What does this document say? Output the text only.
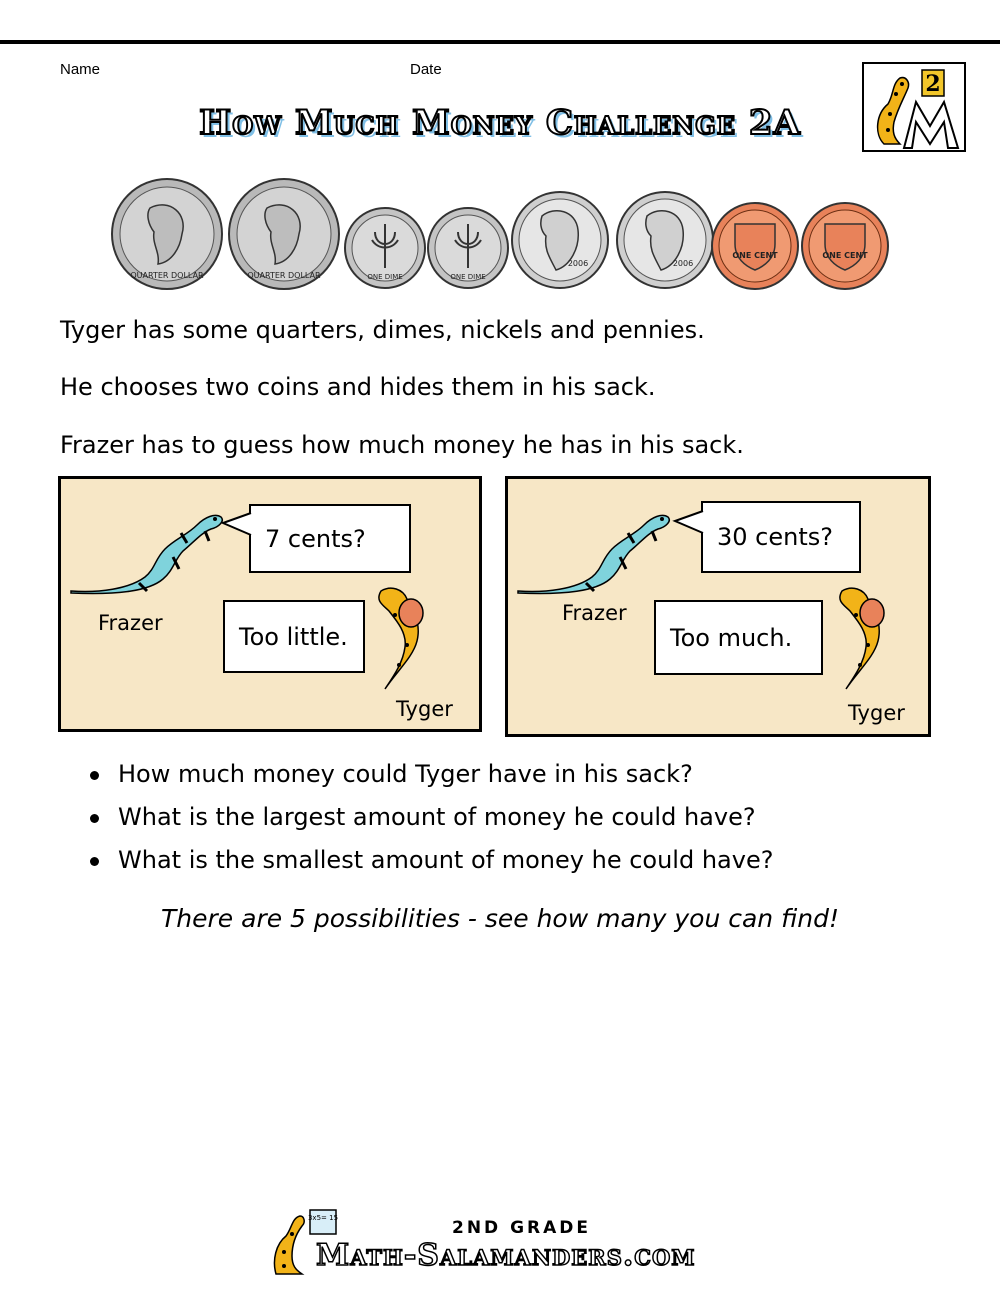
Name	Date
How Much Money Challenge 2A
2
QUARTER DOLLAR	QUARTER DOLLAR	ONE DIME	ONE DIME
2006	2006
ONE CENT	ONE CENT
Tyger has some quarters, dimes, nickels and pennies.
He chooses two coins and hides them in his sack.
Frazer has to guess how much money he has in his sack.
7 cents?
Frazer	Too little.
Tyger
30 cents?
Frazer
Too much.
Tyger
How much money could Tyger have in his sack?
What is the largest amount of money he could have?
What is the smallest amount of money he could have?
There are 5 possibilities - see how many you can find!
3x5= 15	2ND GRADE
Math-Salamanders.com
